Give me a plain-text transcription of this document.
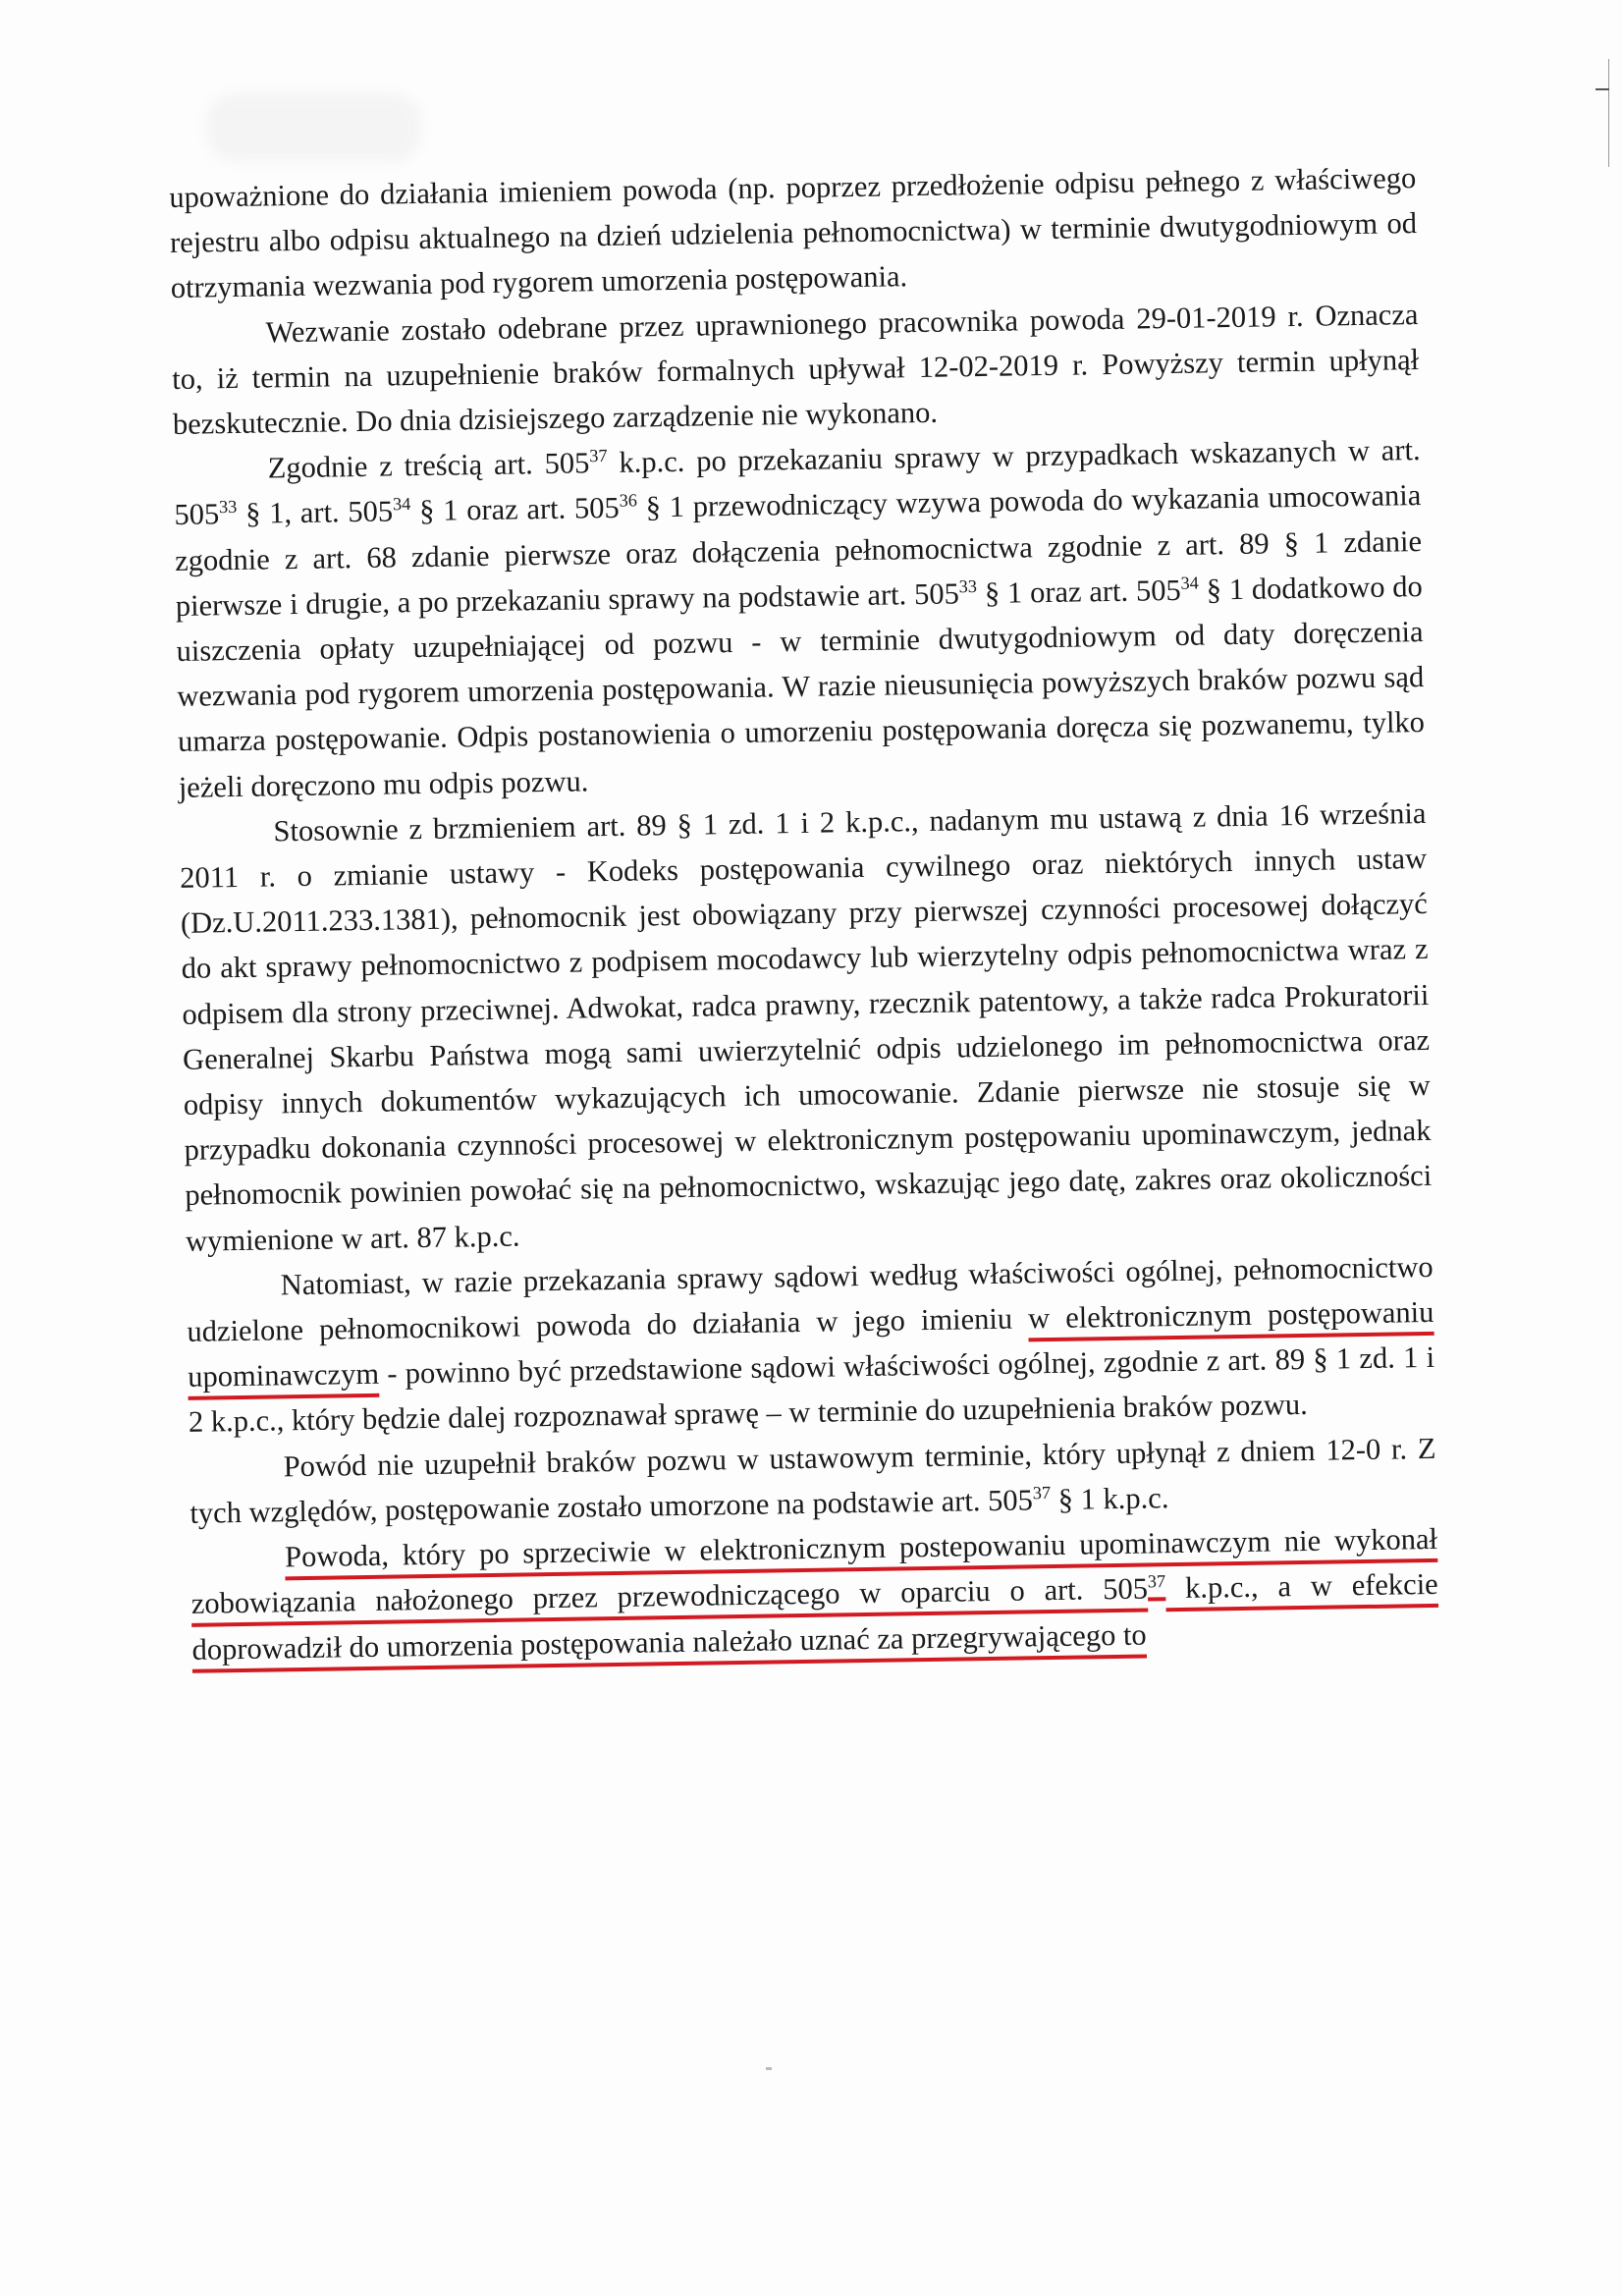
upoważnione do działania imieniem powoda (np. poprzez przedłożenie odpisu pełnego z właściwego rejestru albo odpisu aktualnego na dzień udzielenia pełnomocnictwa) w terminie dwutygodniowym od otrzymania wezwania pod rygorem umorzenia postępowania.

Wezwanie zostało odebrane przez uprawnionego pracownika powoda 29-01-2019 r. Oznacza to, iż termin na uzupełnienie braków formalnych upływał 12-02-2019 r. Powyższy termin upłynął bezskutecznie. Do dnia dzisiejszego zarządzenie nie wykonano.

Zgodnie z treścią art. $505^{37}$ k.p.c. po przekazaniu sprawy w przypadkach wskazanych w art. $505^{33}$ § 1, art. $505^{34}$ § 1 oraz art. $505^{36}$ § 1 przewodniczący wzywa powoda do wykazania umocowania zgodnie z art. 68 zdanie pierwsze oraz dołączenia pełnomocnictwa zgodnie z art. 89 § 1 zdanie pierwsze i drugie, a po przekazaniu sprawy na podstawie art. $505^{33}$ § 1 oraz art. $505^{34}$ § 1 dodatkowo do uiszczenia opłaty uzupełniającej od pozwu - w terminie dwutygodniowym od daty doręczenia wezwania pod rygorem umorzenia postępowania. W razie nieusunięcia powyższych braków pozwu sąd umarza postępowanie. Odpis postanowienia o umorzeniu postępowania doręcza się pozwanemu, tylko jeżeli doręczono mu odpis pozwu.

Stosownie z brzmieniem art. 89 § 1 zd. 1 i 2 k.p.c., nadanym mu ustawą z dnia 16 września 2011 r. o zmianie ustawy - Kodeks postępowania cywilnego oraz niektórych innych ustaw (Dz.U.2011.233.1381), pełnomocnik jest obowiązany przy pierwszej czynności procesowej dołączyć do akt sprawy pełnomocnictwo z podpisem mocodawcy lub wierzytelny odpis pełnomocnictwa wraz z odpisem dla strony przeciwnej. Adwokat, radca prawny, rzecznik patentowy, a także radca Prokuratorii Generalnej Skarbu Państwa mogą sami uwierzytelnić odpis udzielonego im pełnomocnictwa oraz odpisy innych dokumentów wykazujących ich umocowanie. Zdanie pierwsze nie stosuje się w przypadku dokonania czynności procesowej w elektronicznym postępowaniu upominawczym, jednak pełnomocnik powinien powołać się na pełnomocnictwo, wskazując jego datę, zakres oraz okoliczności wymienione w art. 87 k.p.c.

Natomiast, w razie przekazania sprawy sądowi według właściwości ogólnej, pełnomocnictwo udzielone pełnomocnikowi powoda do działania w jego imieniu w elektronicznym postępowaniu upominawczym - powinno być przedstawione sądowi właściwości ogólnej, zgodnie z art. 89 § 1 zd. 1 i 2 k.p.c., który będzie dalej rozpoznawał sprawę – w terminie do uzupełnienia braków pozwu.

Powód nie uzupełnił braków pozwu w ustawowym terminie, który upłynął z dniem 12-0 r. Z tych względów, postępowanie zostało umorzone na podstawie art. $505^{37}$ § 1 k.p.c.

Powoda, który po sprzeciwie w elektronicznym postepowaniu upominawczym nie wykonał zobowiązania nałożonego przez przewodniczącego w oparciu o art. $505^{37}$ k.p.c., a w efekcie doprowadził do umorzenia postępowania należało uznać za przegrywającego to
